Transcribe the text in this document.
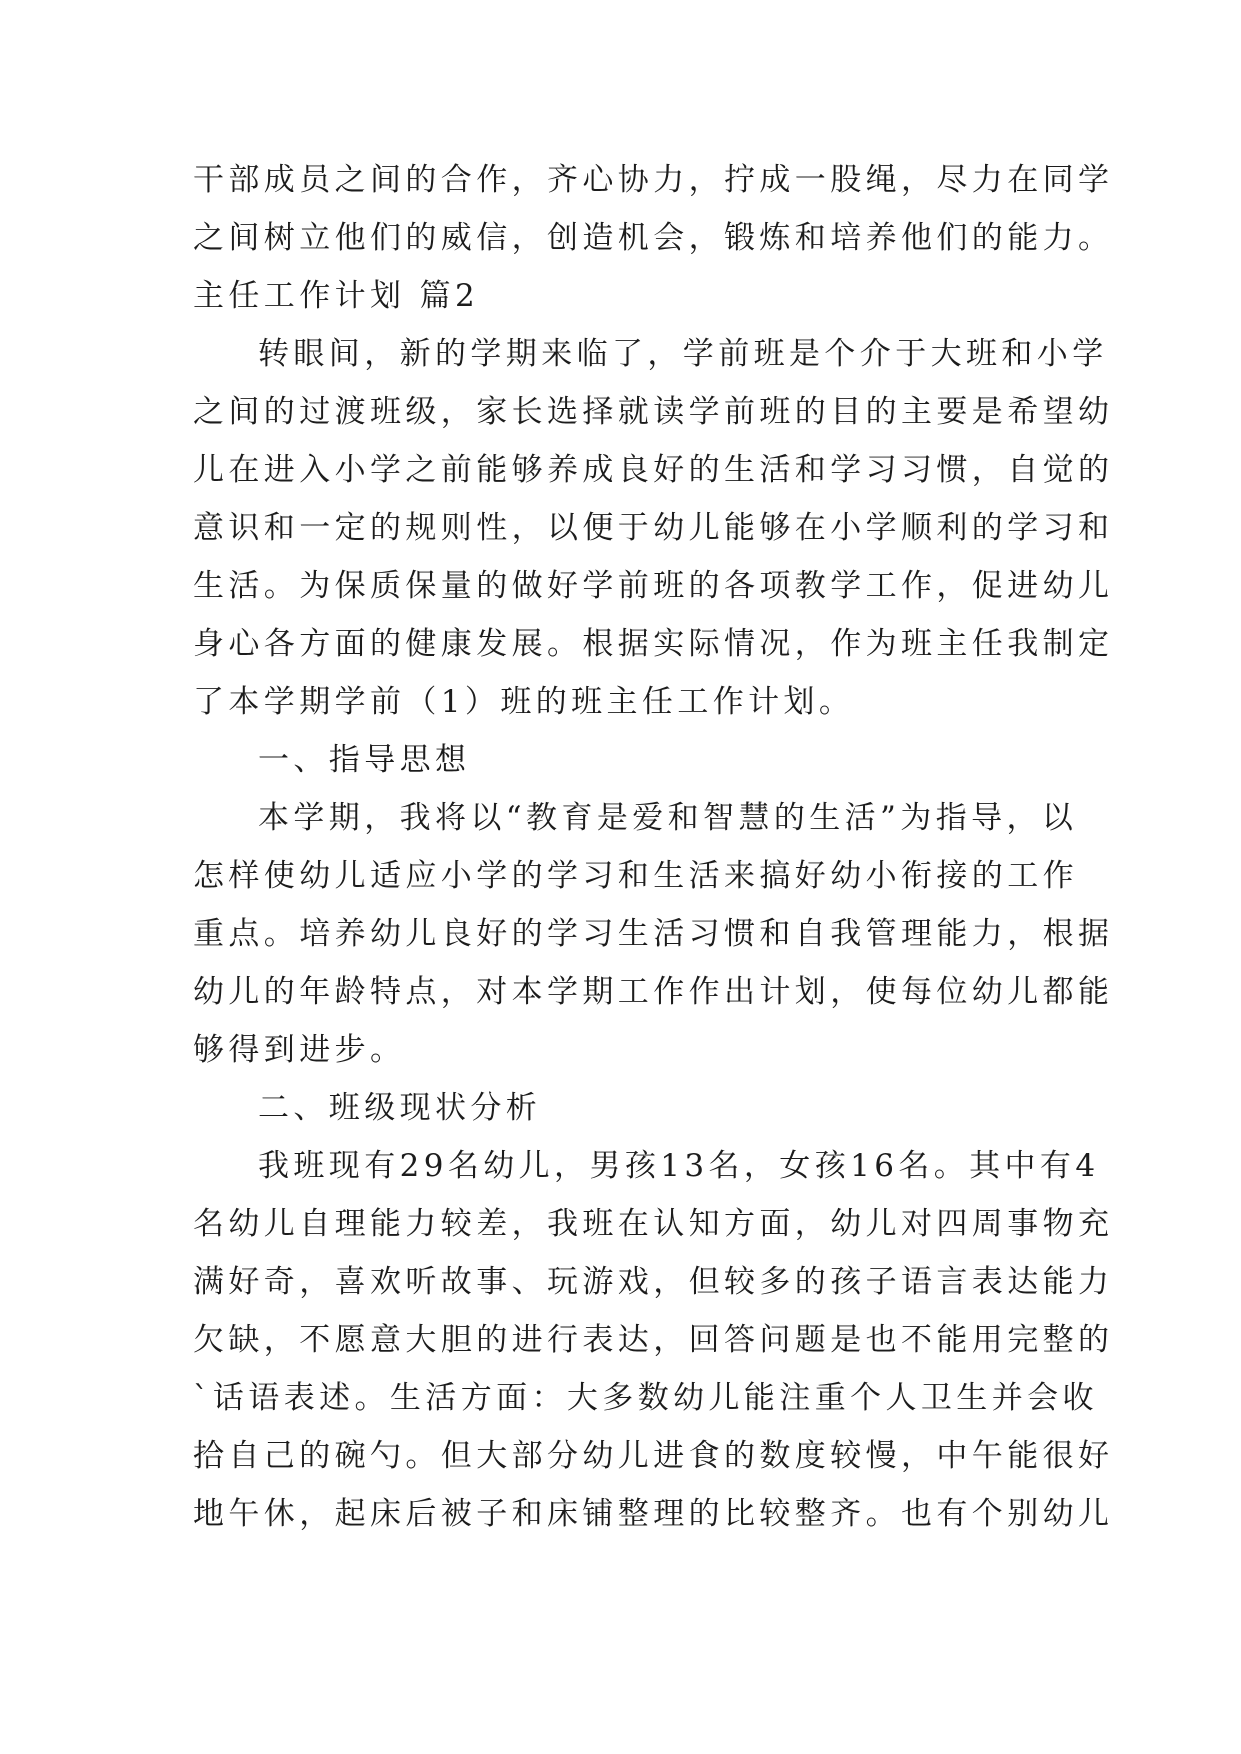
干部成员之间的合作，齐心协力，拧成一股绳，尽力在同学
之间树立他们的威信，创造机会，锻炼和培养他们的能力。
主任工作计划 篇2
转眼间，新的学期来临了，学前班是个介于大班和小学
之间的过渡班级，家长选择就读学前班的目的主要是希望幼
儿在进入小学之前能够养成良好的生活和学习习惯，自觉的
意识和一定的规则性，以便于幼儿能够在小学顺利的学习和
生活。为保质保量的做好学前班的各项教学工作，促进幼儿
身心各方面的健康发展。根据实际情况，作为班主任我制定
了本学期学前（1）班的班主任工作计划。
一、指导思想
本学期，我将以“教育是爱和智慧的生活”为指导，以
怎样使幼儿适应小学的学习和生活来搞好幼小衔接的工作
重点。培养幼儿良好的学习生活习惯和自我管理能力，根据
幼儿的年龄特点，对本学期工作作出计划，使每位幼儿都能
够得到进步。
二、班级现状分析
我班现有29名幼儿，男孩13名，女孩16名。其中有4
名幼儿自理能力较差，我班在认知方面，幼儿对四周事物充
满好奇，喜欢听故事、玩游戏，但较多的孩子语言表达能力
欠缺，不愿意大胆的进行表达，回答问题是也不能用完整的
`话语表述。生活方面：大多数幼儿能注重个人卫生并会收
拾自己的碗勺。但大部分幼儿进食的数度较慢，中午能很好
地午休，起床后被子和床铺整理的比较整齐。也有个别幼儿
